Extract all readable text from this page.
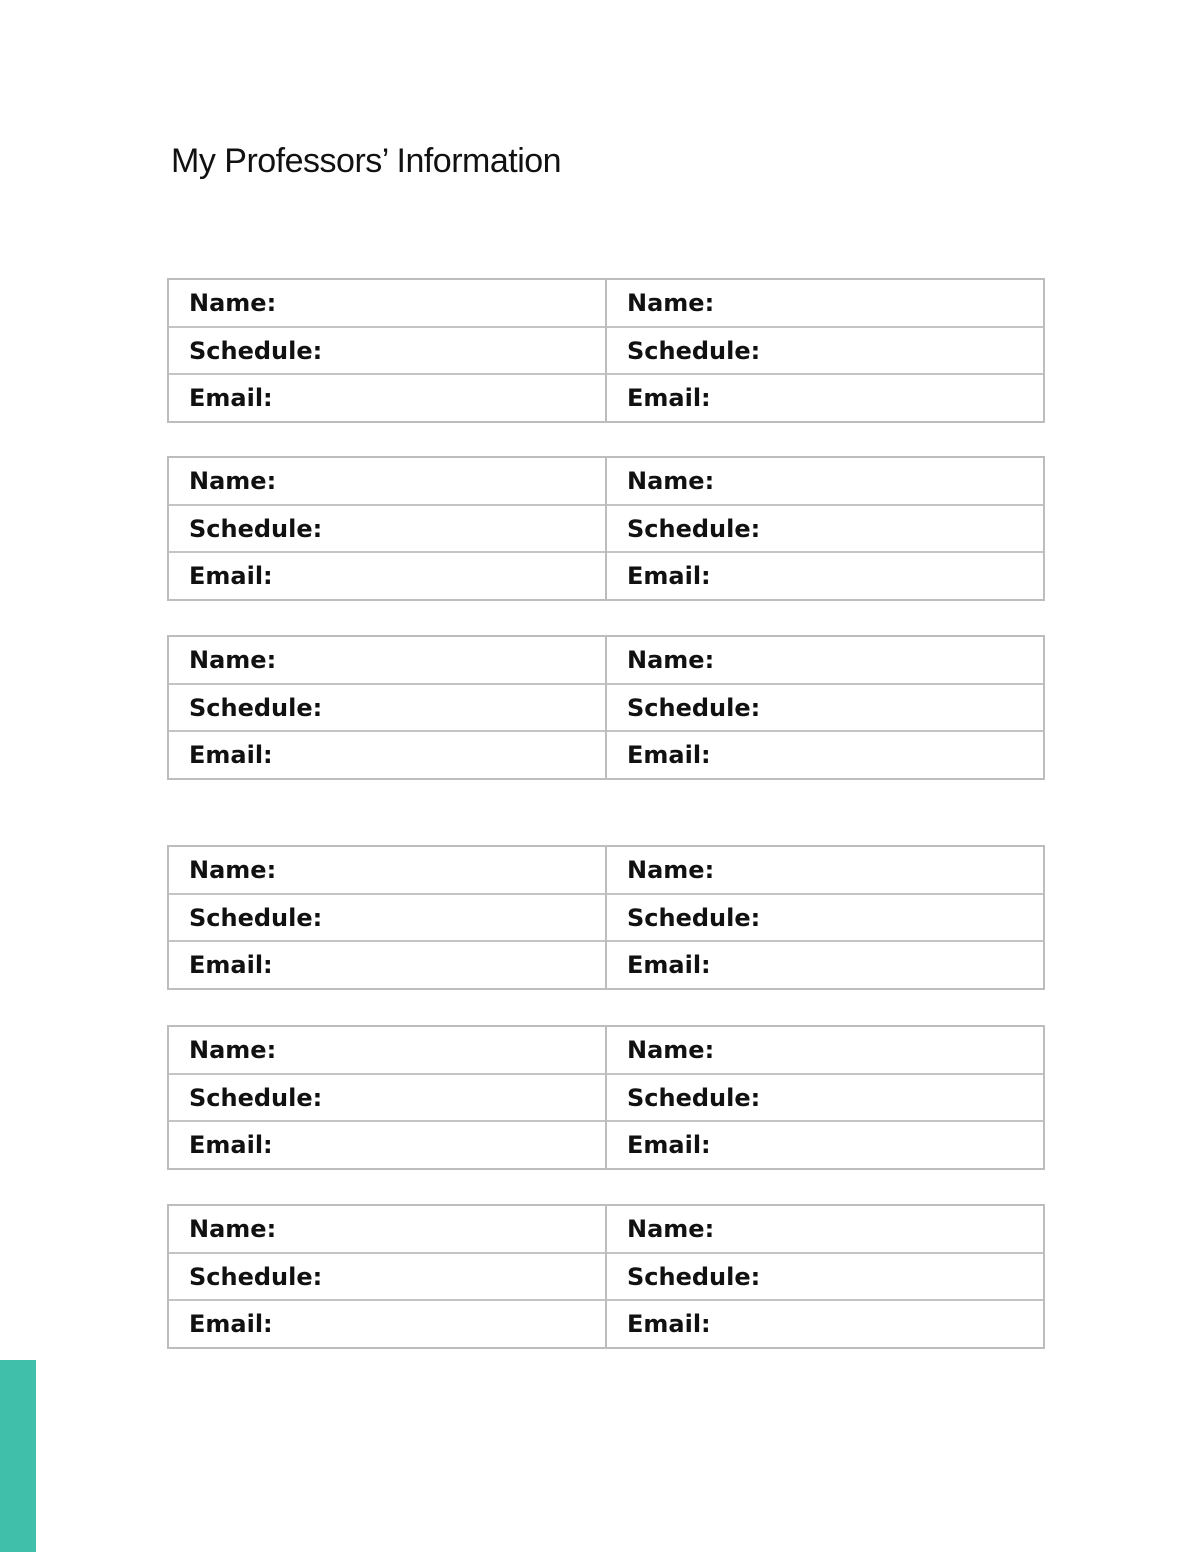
My Professors’ Information
Name:
Schedule:
Email:
Name:
Schedule:
Email:
Name:
Schedule:
Email:
Name:
Schedule:
Email:
Name:
Schedule:
Email:
Name:
Schedule:
Email:
Name:
Schedule:
Email:
Name:
Schedule:
Email:
Name:
Schedule:
Email:
Name:
Schedule:
Email:
Name:
Schedule:
Email:
Name:
Schedule:
Email:
